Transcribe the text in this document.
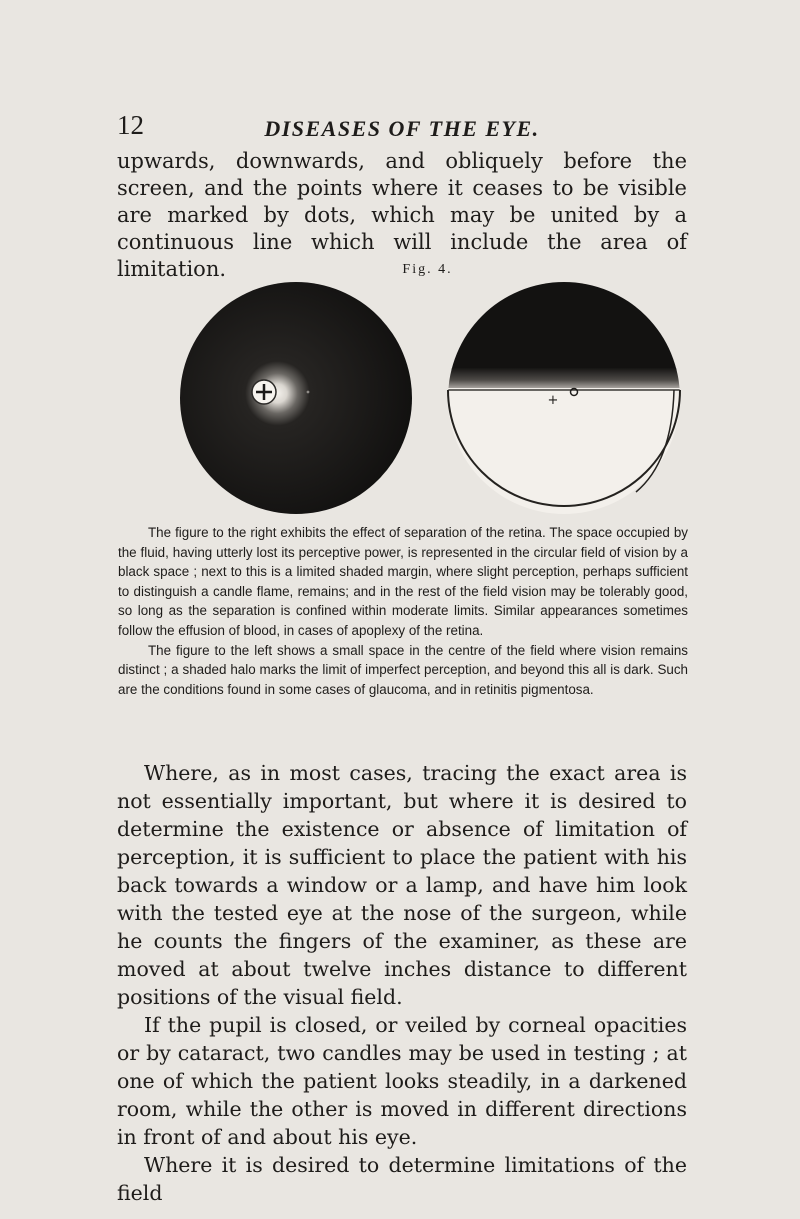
12	DISEASES OF THE EYE.

upwards, downwards, and obliquely before the screen, and the points where it ceases to be visible are marked by dots, which may be united by a continuous line which will include the area of limitation.	Fig. 4.
+

The figure to the right exhibits the effect of separation of the retina. The space occupied by the fluid, having utterly lost its perceptive power, is represented in the circular field of vision by a black space ; next to this is a limited shaded margin, where slight perception, perhaps sufficient to distinguish a candle flame, remains; and in the rest of the field vision may be tolerably good, so long as the separation is confined within moderate limits. Similar appearances sometimes follow the effusion of blood, in cases of apoplexy of the retina.

The figure to the left shows a small space in the centre of the field where vision remains distinct ; a shaded halo marks the limit of imperfect perception, and beyond this all is dark. Such are the conditions found in some cases of glaucoma, and in retinitis pigmentosa.

Where, as in most cases, tracing the exact area is not essentially important, but where it is desired to determine the existence or absence of limitation of perception, it is sufficient to place the patient with his back towards a window or a lamp, and have him look with the tested eye at the nose of the surgeon, while he counts the fingers of the examiner, as these are moved at about twelve inches distance to different positions of the visual field.

If the pupil is closed, or veiled by corneal opacities or by cataract, two candles may be used in testing ; at one of which the patient looks steadily, in a darkened room, while the other is moved in different directions in front of and about his eye.

Where it is desired to determine limitations of the field
